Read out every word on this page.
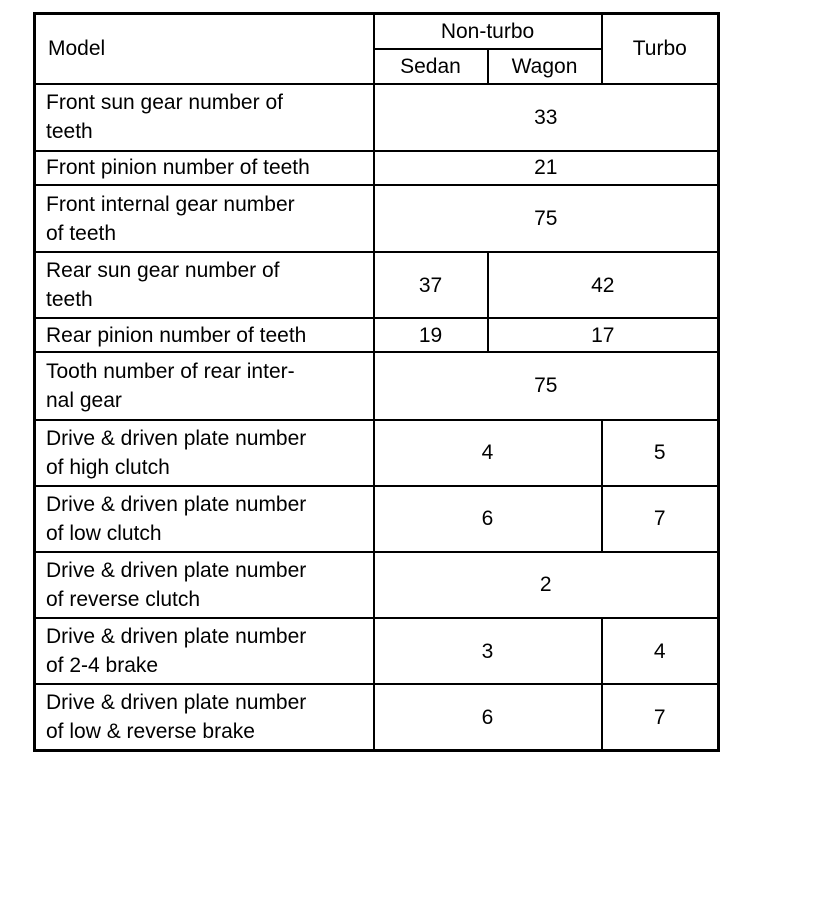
Model	Non-turbo		Turbo
	Sedan	Wagon	
Front sun gear number of
teeth	33		
Front pinion number of teeth	21		
Front internal gear number
of teeth	75		
Rear sun gear number of
teeth	37	42	
Rear pinion number of teeth	19	17	
Tooth number of rear inter-
nal gear	75		
Drive & driven plate number
of high clutch	4		5
Drive & driven plate number
of low clutch	6		7
Drive & driven plate number
of reverse clutch	2		
Drive & driven plate number
of 2-4 brake	3		4
Drive & driven plate number
of low & reverse brake	6		7
